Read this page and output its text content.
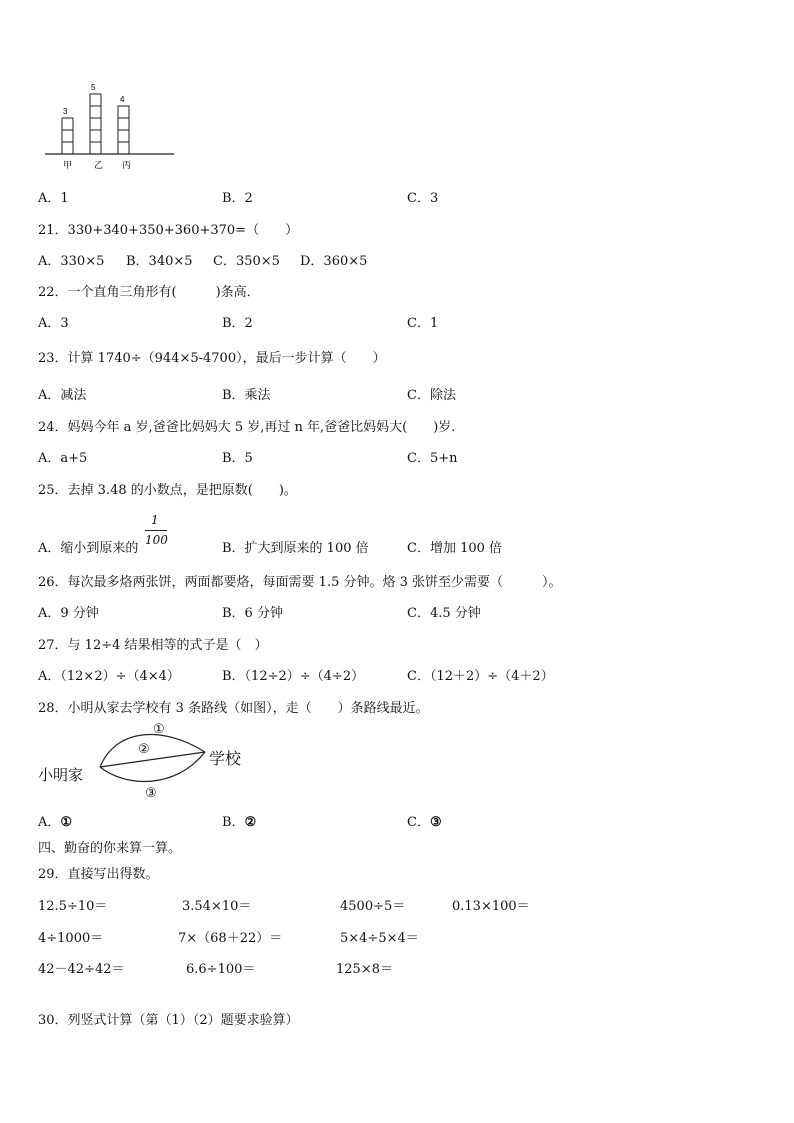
3
5
4
甲 乙 丙
A．1	B．2	C．3
21．330+340+350+360+370=（　　）
A．330×5 B．340×5 C．350×5 D．360×5
22．一个直角三角形有(　　　)条高．
A．3	B．2	C．1
23．计算 1740÷（944×5-4700），最后一步计算（　　）
A．减法	B．乘法	C．除法
24．妈妈今年 a 岁,爸爸比妈妈大 5 岁,再过 n 年,爸爸比妈妈大(　　)岁.
A．a+5	B．5	C．5+n
25．去掉 3.48 的小数点，是把原数(　　)。
A．缩小到原来的
1
100
B．扩大到原来的 100 倍	C．增加 100 倍
26．每次最多烙两张饼，两面都要烙，每面需要 1.5 分钟。烙 3 张饼至少需要（　　　）。
A．9 分钟	B．6 分钟	C．4.5 分钟
27．与 12÷4 结果相等的式子是（　）
A．（12×2）÷（4×4）	B．（12÷2）÷（4÷2）	C．（12＋2）÷（4＋2）
28．小明从家去学校有 3 条路线（如图），走（　　）条路线最近。
小明家
学校
①
②
③
A．①	B．②	C．③
四、勤奋的你来算一算。
29．直接写出得数。
12.5÷10＝	3.54×10＝	4500÷5＝	0.13×100＝
4÷1000＝	7×（68＋22）＝	5×4÷5×4＝
42－42÷42＝	6.6÷100＝	125×8＝
30．列竖式计算（第（1）（2）题要求验算）
